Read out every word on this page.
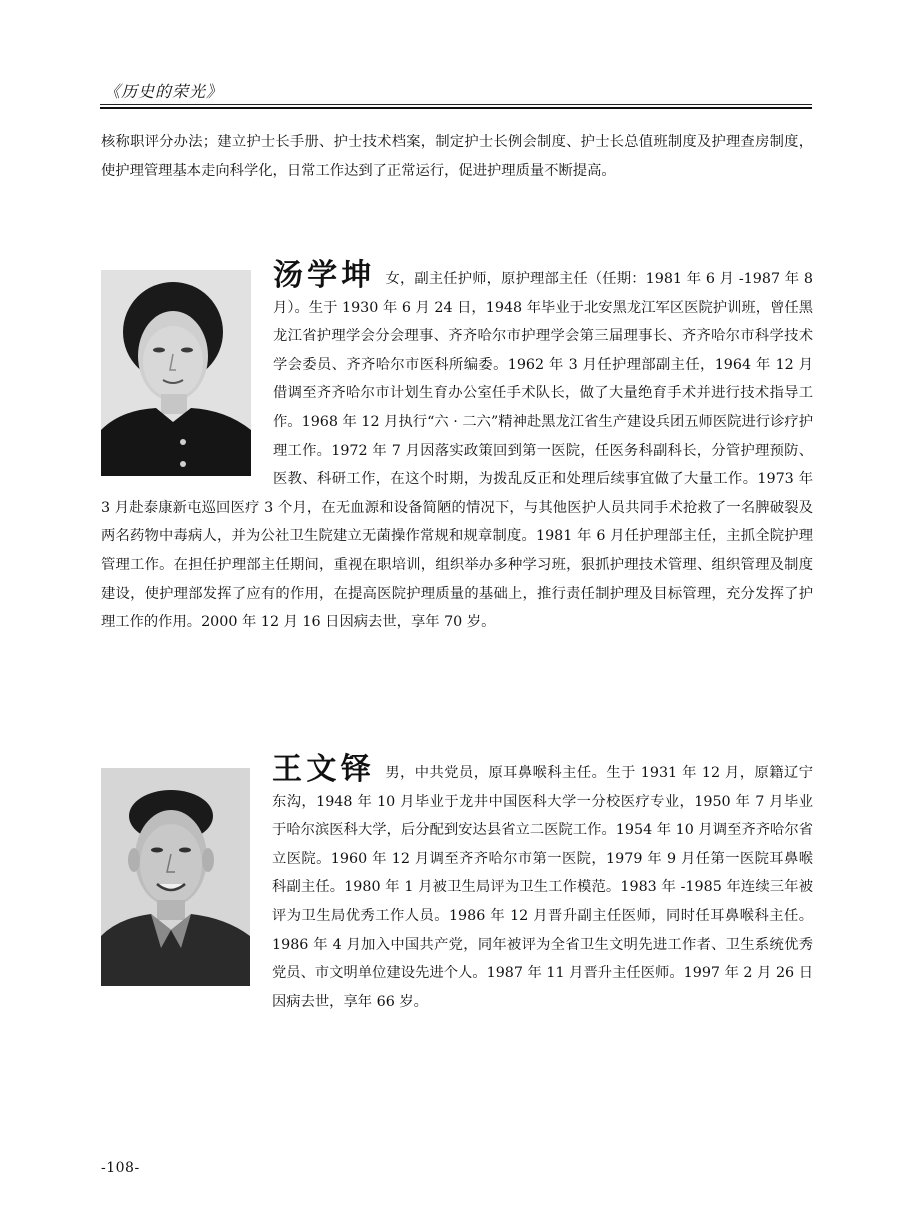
《历史的荣光》
核称职评分办法；建立护士长手册、护士技术档案，制定护士长例会制度、护士长总值班制度及护理查房制度，使护理管理基本走向科学化，日常工作达到了正常运行，促进护理质量不断提高。

汤学坤 女，副主任护师，原护理部主任（任期：1981 年 6 月 -1987 年 8 月）。生于 1930 年 6 月 24 日，1948 年毕业于北安黑龙江军区医院护训班，曾任黑龙江省护理学会分会理事、齐齐哈尔市护理学会第三届理事长、齐齐哈尔市科学技术学会委员、齐齐哈尔市医科所编委。1962 年 3 月任护理部副主任，1964 年 12 月借调至齐齐哈尔市计划生育办公室任手术队长，做了大量绝育手术并进行技术指导工作。1968 年 12 月执行“六 · 二六”精神赴黑龙江省生产建设兵团五师医院进行诊疗护理工作。1972 年 7 月因落实政策回到第一医院，任医务科副科长，分管护理预防、医教、科研工作，在这个时期，为拨乱反正和处理后续事宜做了大量工作。1973 年 3 月赴泰康新屯巡回医疗 3 个月，在无血源和设备简陋的情况下，与其他医护人员共同手术抢救了一名脾破裂及两名药物中毒病人，并为公社卫生院建立无菌操作常规和规章制度。1981 年 6 月任护理部主任，主抓全院护理管理工作。在担任护理部主任期间，重视在职培训，组织举办多种学习班，狠抓护理技术管理、组织管理及制度建设，使护理部发挥了应有的作用，在提高医院护理质量的基础上，推行责任制护理及目标管理，充分发挥了护理工作的作用。2000 年 12 月 16 日因病去世，享年 70 岁。

王文铎 男，中共党员，原耳鼻喉科主任。生于 1931 年 12 月，原籍辽宁东沟，1948 年 10 月毕业于龙井中国医科大学一分校医疗专业，1950 年 7 月毕业于哈尔滨医科大学，后分配到安达县省立二医院工作。1954 年 10 月调至齐齐哈尔省立医院。1960 年 12 月调至齐齐哈尔市第一医院，1979 年 9 月任第一医院耳鼻喉科副主任。1980 年 1 月被卫生局评为卫生工作模范。1983 年 -1985 年连续三年被评为卫生局优秀工作人员。1986 年 12 月晋升副主任医师，同时任耳鼻喉科主任。1986 年 4 月加入中国共产党，同年被评为全省卫生文明先进工作者、卫生系统优秀党员、市文明单位建设先进个人。1987 年 11 月晋升主任医师。1997 年 2 月 26 日因病去世，享年 66 岁。

-108-
